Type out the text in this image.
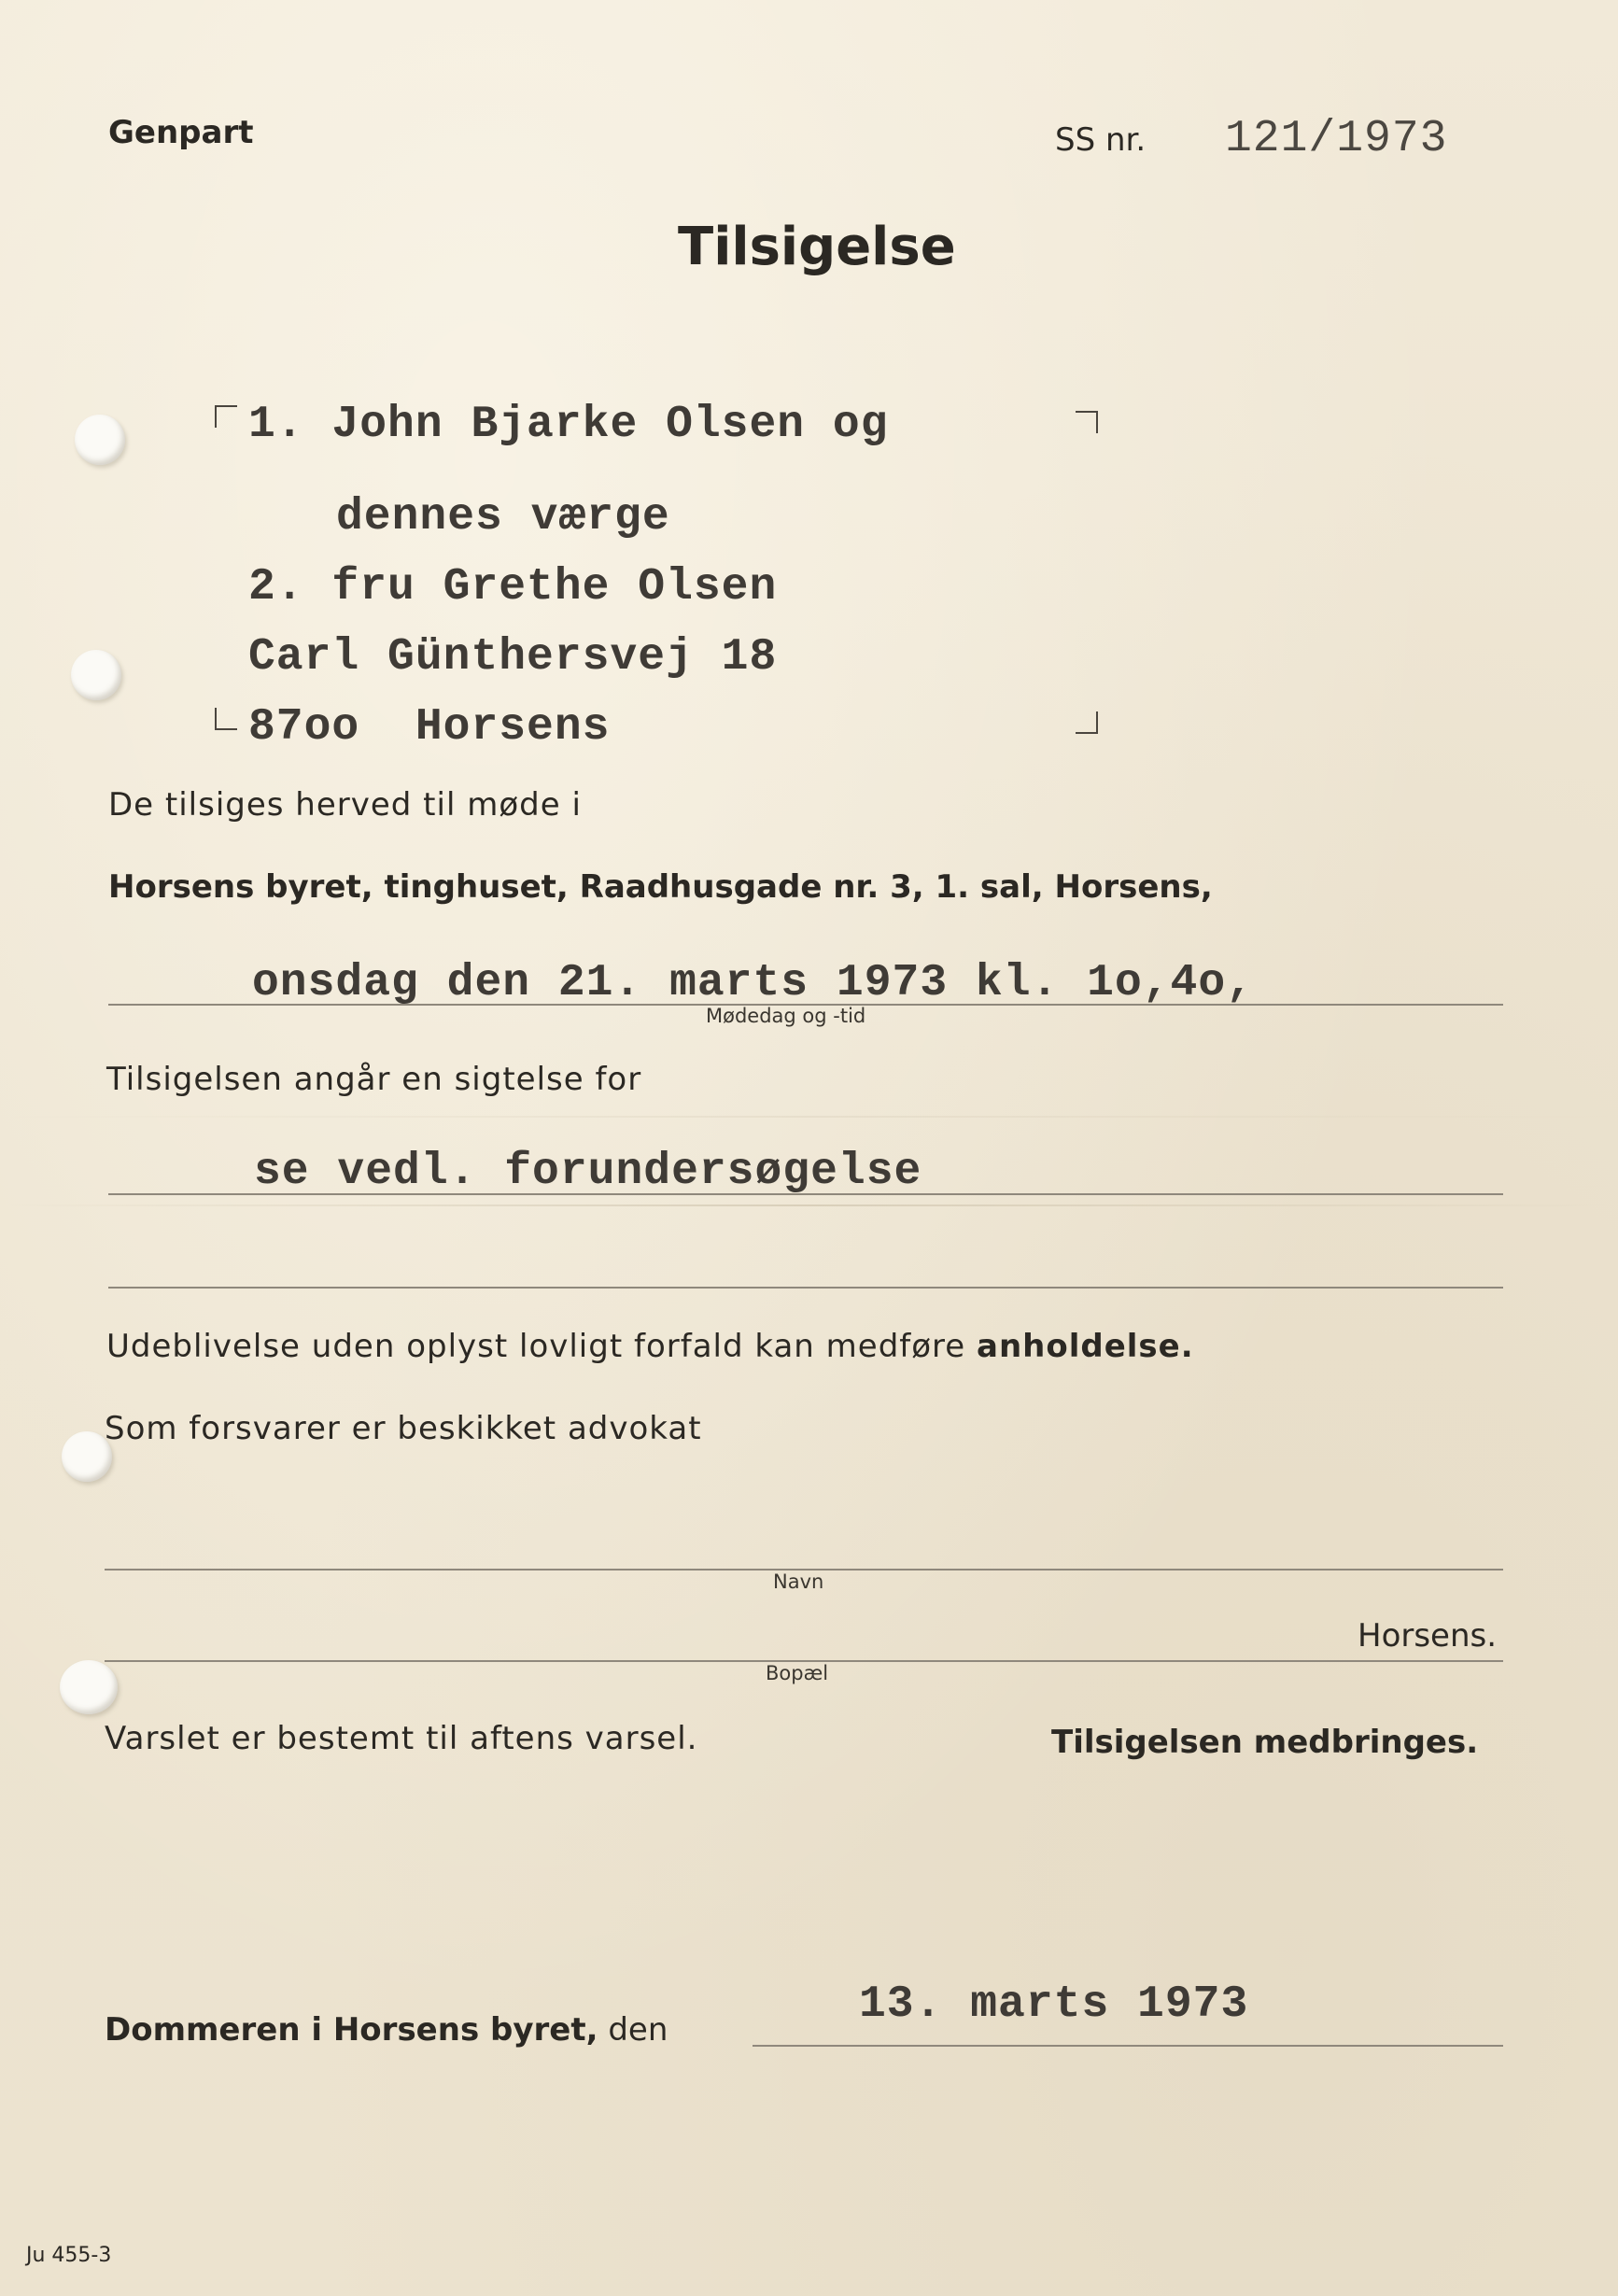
Genpart	SS nr. 121/1973
Tilsigelse
1. John Bjarke Olsen og
dennes værge
2. fru Grethe Olsen
Carl Günthersvej 18
87oo  Horsens
De tilsiges herved til møde i
Horsens byret, tinghuset, Raadhusgade nr. 3, 1. sal, Horsens,
onsdag den 21. marts 1973 kl. 1o,4o,
Mødedag og -tid
Tilsigelsen angår en sigtelse for
se vedl. forundersøgelse
Udeblivelse uden oplyst lovligt forfald kan medføre anholdelse.
Som forsvarer er beskikket advokat
Navn
Horsens.
Bopæl
Varslet er bestemt til aftens varsel.	Tilsigelsen medbringes.
Dommeren i Horsens byret, den	13. marts 1973
Ju 455-3
